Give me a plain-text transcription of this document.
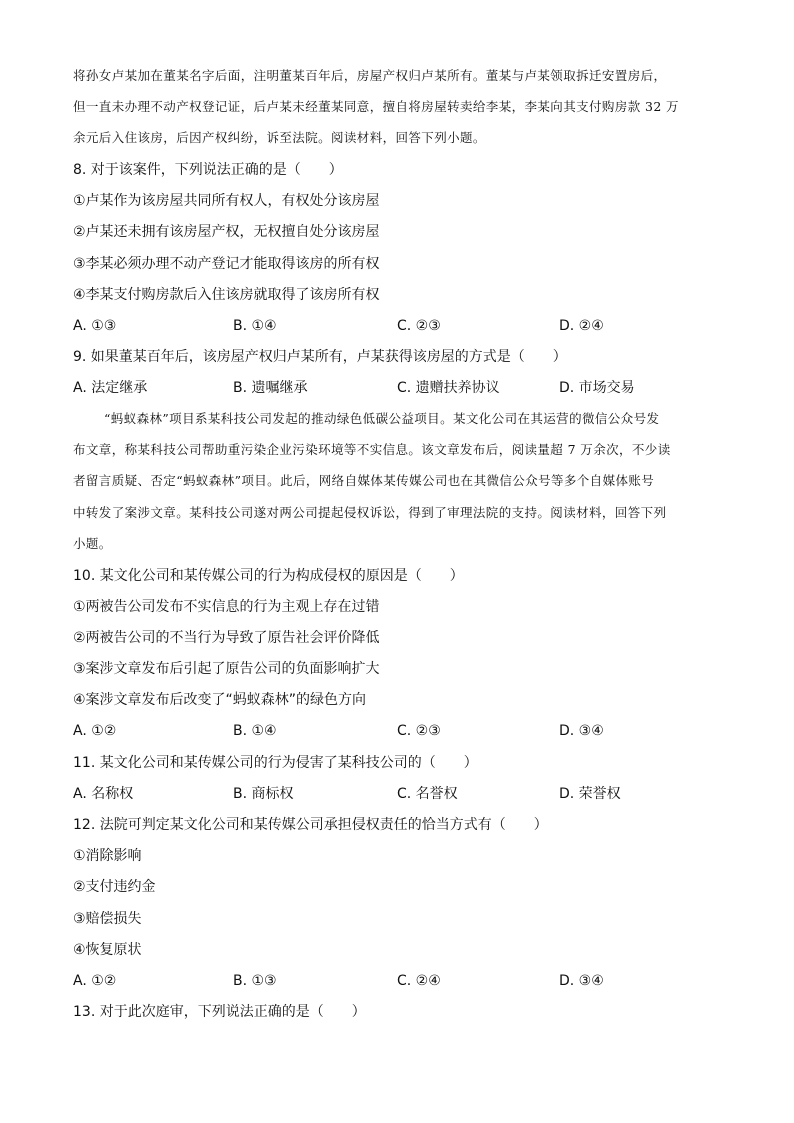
将孙女卢某加在董某名字后面，注明董某百年后，房屋产权归卢某所有。董某与卢某领取拆迁安置房后，
但一直未办理不动产权登记证，后卢某未经董某同意，擅自将房屋转卖给李某，李某向其支付购房款 32 万
余元后入住该房，后因产权纠纷，诉至法院。阅读材料，回答下列小题。
8. 对于该案件，下列说法正确的是（　　）
①卢某作为该房屋共同所有权人，有权处分该房屋
②卢某还未拥有该房屋产权，无权擅自处分该房屋
③李某必须办理不动产登记才能取得该房的所有权
④李某支付购房款后入住该房就取得了该房所有权
A. ①③	B. ①④	C. ②③	D. ②④
9. 如果董某百年后，该房屋产权归卢某所有，卢某获得该房屋的方式是（　　）
A. 法定继承	B. 遗嘱继承	C. 遗赠扶养协议	D. 市场交易
“蚂蚁森林”项目系某科技公司发起的推动绿色低碳公益项目。某文化公司在其运营的微信公众号发
布文章，称某科技公司帮助重污染企业污染环境等不实信息。该文章发布后，阅读量超 7 万余次，不少读
者留言质疑、否定“蚂蚁森林”项目。此后，网络自媒体某传媒公司也在其微信公众号等多个自媒体账号
中转发了案涉文章。某科技公司遂对两公司提起侵权诉讼，得到了审理法院的支持。阅读材料，回答下列
小题。
10. 某文化公司和某传媒公司的行为构成侵权的原因是（　　）
①两被告公司发布不实信息的行为主观上存在过错
②两被告公司的不当行为导致了原告社会评价降低
③案涉文章发布后引起了原告公司的负面影响扩大
④案涉文章发布后改变了“蚂蚁森林”的绿色方向
A. ①②	B. ①④	C. ②③	D. ③④
11. 某文化公司和某传媒公司的行为侵害了某科技公司的（　　）
A. 名称权	B. 商标权	C. 名誉权	D. 荣誉权
12. 法院可判定某文化公司和某传媒公司承担侵权责任的恰当方式有（　　）
①消除影响
②支付违约金
③赔偿损失
④恢复原状
A. ①②	B. ①③	C. ②④	D. ③④
13. 对于此次庭审，下列说法正确的是（　　）
